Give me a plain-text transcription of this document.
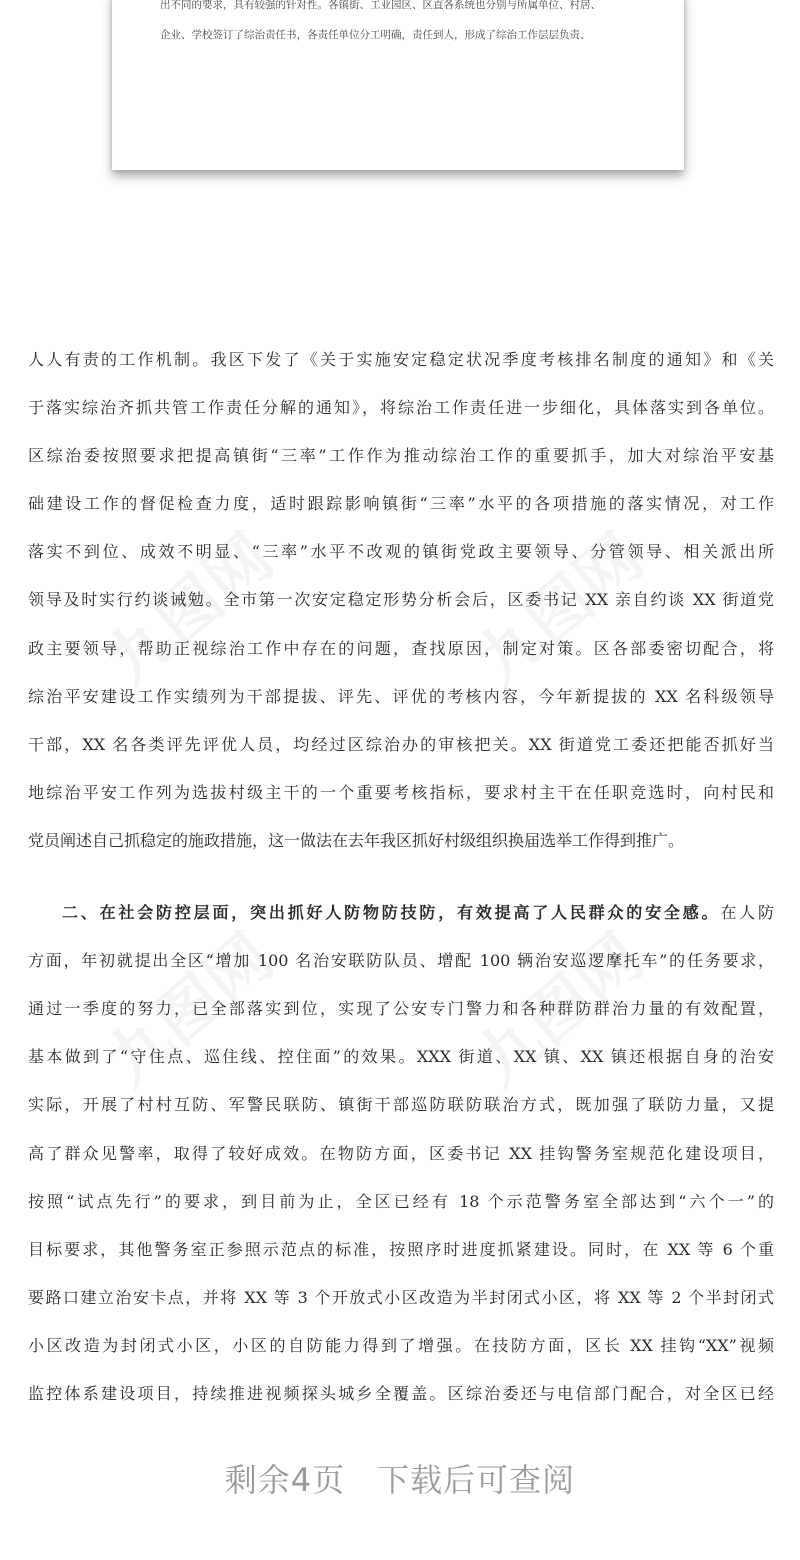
出不同的要求，具有较强的针对性。各镇街、工业园区、区直各系统也分别与所属单位、村居、
企业、学校签订了综治责任书，各责任单位分工明确，责任到人，形成了综治工作层层负责、
人人有责的工作机制。我区下发了《关于实施安定稳定状况季度考核排名制度的通知》和《关
于落实综治齐抓共管工作责任分解的通知》，将综治工作责任进一步细化，具体落实到各单位。
区综治委按照要求把提高镇街“三率”工作作为推动综治工作的重要抓手，加大对综治平安基
础建设工作的督促检查力度，适时跟踪影响镇街“三率”水平的各项措施的落实情况，对工作
落实不到位、成效不明显、“三率”水平不改观的镇街党政主要领导、分管领导、相关派出所
领导及时实行约谈诫勉。全市第一次安定稳定形势分析会后，区委书记 XX 亲自约谈 XX 街道党
政主要领导，帮助正视综治工作中存在的问题，查找原因，制定对策。区各部委密切配合，将
综治平安建设工作实绩列为干部提拔、评先、评优的考核内容，今年新提拔的 XX 名科级领导
干部，XX 名各类评先评优人员，均经过区综治办的审核把关。XX 街道党工委还把能否抓好当
地综治平安工作列为选拔村级主干的一个重要考核指标，要求村主干在任职竞选时，向村民和
党员阐述自己抓稳定的施政措施，这一做法在去年我区抓好村级组织换届选举工作得到推广。
二、在社会防控层面，突出抓好人防物防技防，有效提高了人民群众的安全感。在人防
方面，年初就提出全区“增加 100 名治安联防队员、增配 100 辆治安巡逻摩托车”的任务要求，
通过一季度的努力，已全部落实到位，实现了公安专门警力和各种群防群治力量的有效配置，
基本做到了“守住点、巡住线、控住面”的效果。XXX 街道、XX 镇、XX 镇还根据自身的治安
实际，开展了村村互防、军警民联防、镇街干部巡防联防联治方式，既加强了联防力量，又提
高了群众见警率，取得了较好成效。在物防方面，区委书记 XX 挂钩警务室规范化建设项目，
按照“试点先行”的要求，到目前为止，全区已经有 18 个示范警务室全部达到“六个一”的
目标要求，其他警务室正参照示范点的标准，按照序时进度抓紧建设。同时，在 XX 等 6 个重
要路口建立治安卡点，并将 XX 等 3 个开放式小区改造为半封闭式小区，将 XX 等 2 个半封闭式
小区改造为封闭式小区，小区的自防能力得到了增强。在技防方面，区长 XX 挂钩“XX”视频
监控体系建设项目，持续推进视频探头城乡全覆盖。区综治委还与电信部门配合，对全区已经
剩余4页 下载后可查阅
